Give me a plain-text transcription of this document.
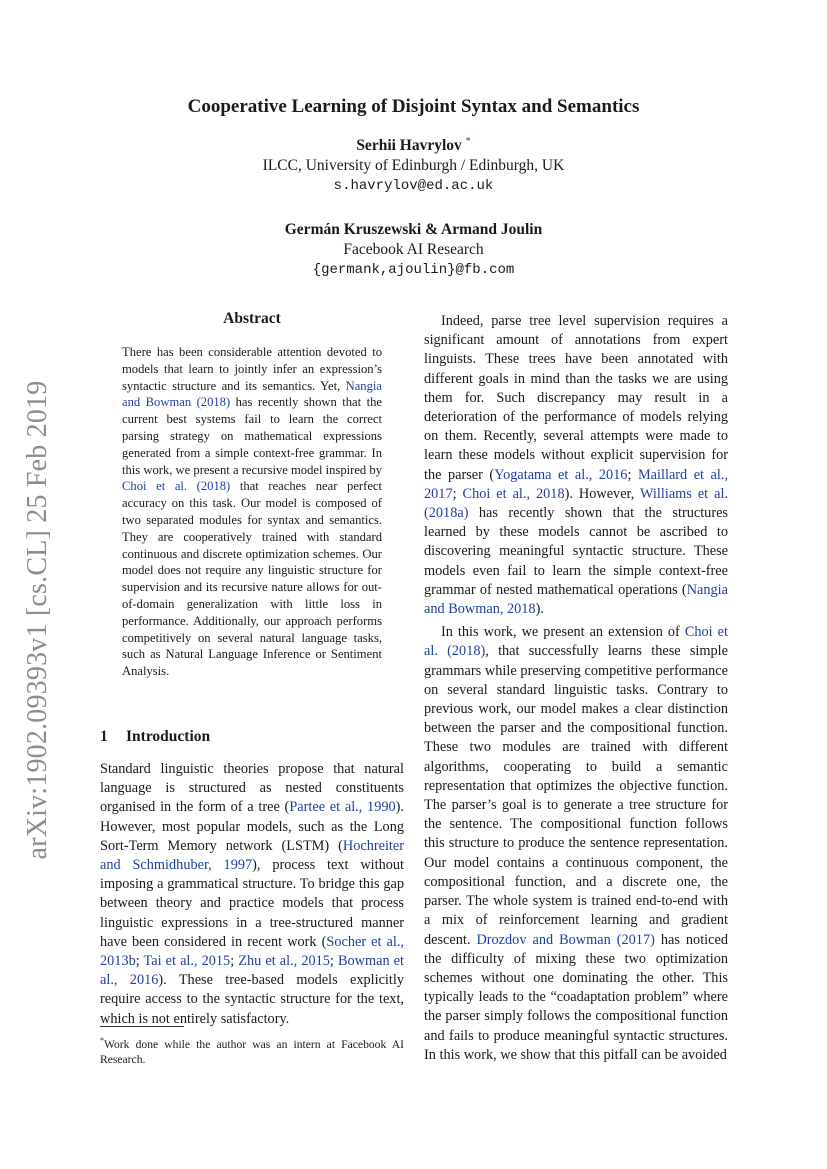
arXiv:1902.09393v1 [cs.CL] 25 Feb 2019
Cooperative Learning of Disjoint Syntax and Semantics
Serhii Havrylov *
ILCC, University of Edinburgh / Edinburgh, UK
s.havrylov@ed.ac.uk
Germán Kruszewski & Armand Joulin
Facebook AI Research
{germank,ajoulin}@fb.com
Abstract
There has been considerable attention devoted to models that learn to jointly infer an expression’s syntactic structure and its semantics. Yet, Nangia and Bowman (2018) has recently shown that the current best systems fail to learn the correct parsing strategy on mathematical expressions generated from a simple context-free grammar. In this work, we present a recursive model inspired by Choi et al. (2018) that reaches near perfect accuracy on this task. Our model is composed of two separated modules for syntax and semantics. They are cooperatively trained with standard continuous and discrete optimization schemes. Our model does not require any linguistic structure for supervision and its recursive nature allows for out-of-domain generalization with little loss in performance. Additionally, our approach performs competitively on several natural language tasks, such as Natural Language Inference or Sentiment Analysis.
1 Introduction

Standard linguistic theories propose that natural language is structured as nested constituents organised in the form of a tree (Partee et al., 1990). However, most popular models, such as the Long Sort-Term Memory network (LSTM) (Hochreiter and Schmidhuber, 1997), process text without imposing a grammatical structure. To bridge this gap between theory and practice models that process linguistic expressions in a tree-structured manner have been considered in recent work (Socher et al., 2013b; Tai et al., 2015; Zhu et al., 2015; Bowman et al., 2016). These tree-based models explicitly require access to the syntactic structure for the text, which is not entirely satisfactory.

*Work done while the author was an intern at Facebook AI Research.

Indeed, parse tree level supervision requires a significant amount of annotations from expert linguists. These trees have been annotated with different goals in mind than the tasks we are using them for. Such discrepancy may result in a deterioration of the performance of models relying on them. Recently, several attempts were made to learn these models without explicit supervision for the parser (Yogatama et al., 2016; Maillard et al., 2017; Choi et al., 2018). However, Williams et al. (2018a) has recently shown that the structures learned by these models cannot be ascribed to discovering meaningful syntactic structure. These models even fail to learn the simple context-free grammar of nested mathematical operations (Nangia and Bowman, 2018).

In this work, we present an extension of Choi et al. (2018), that successfully learns these simple grammars while preserving competitive performance on several standard linguistic tasks. Contrary to previous work, our model makes a clear distinction between the parser and the compositional function. These two modules are trained with different algorithms, cooperating to build a semantic representation that optimizes the objective function. The parser’s goal is to generate a tree structure for the sentence. The compositional function follows this structure to produce the sentence representation. Our model contains a continuous component, the compositional function, and a discrete one, the parser. The whole system is trained end-to-end with a mix of reinforcement learning and gradient descent. Drozdov and Bowman (2017) has noticed the difficulty of mixing these two optimization schemes without one dominating the other. This typically leads to the “coadaptation problem” where the parser simply follows the compositional function and fails to produce meaningful syntactic structures. In this work, we show that this pitfall can be avoided
